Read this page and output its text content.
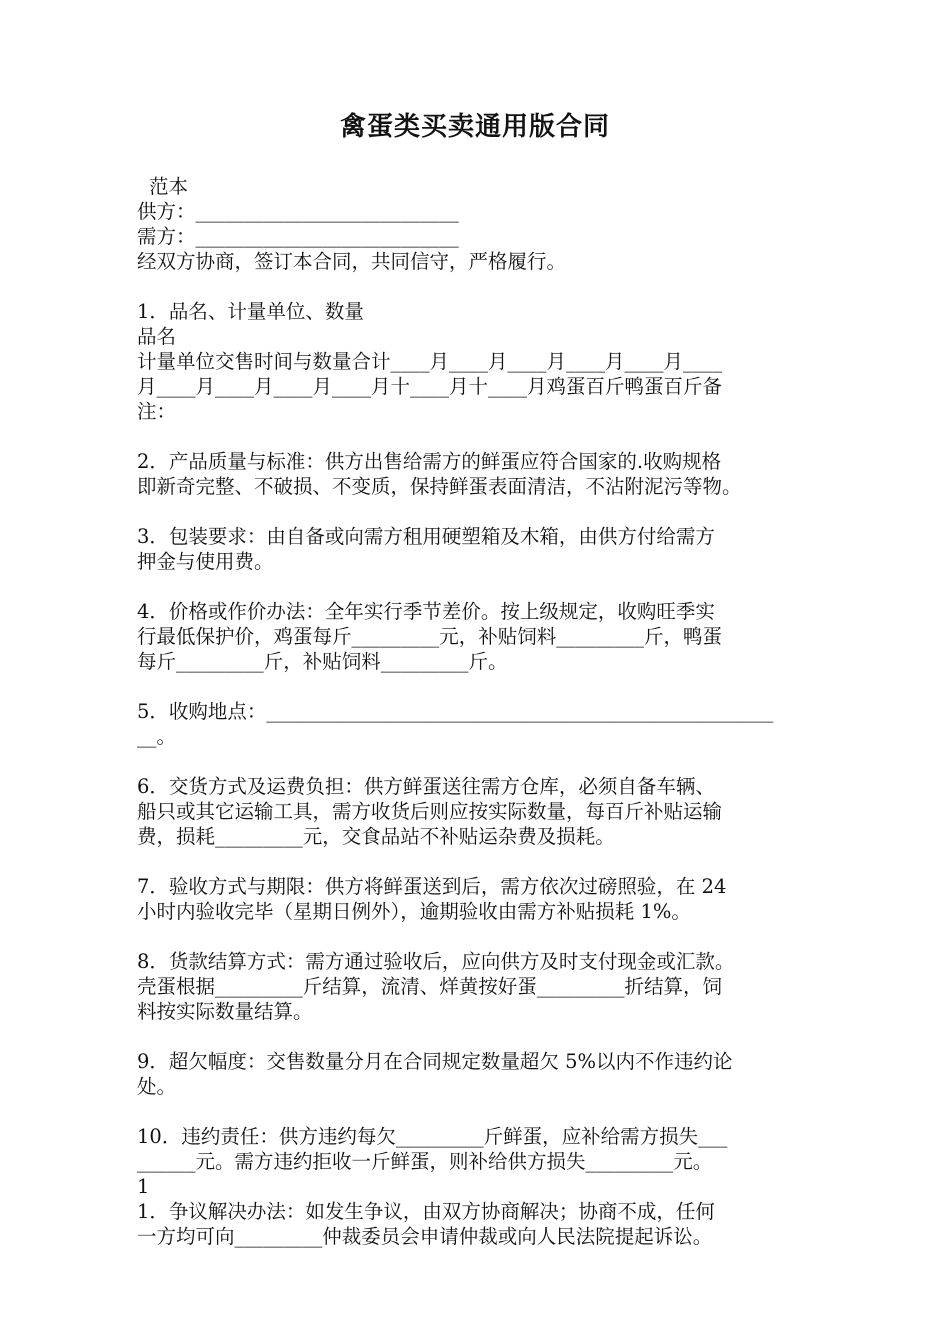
禽蛋类买卖通用版合同

范本

供方：___________________________

需方：___________________________

经双方协商，签订本合同，共同信守，严格履行。

1．品名、计量单位、数量

品名

计量单位交售时间与数量合计____月____月____月____月____月____

月____月____月____月____月十____月十____月鸡蛋百斤鸭蛋百斤备

注：

2．产品质量与标准：供方出售给需方的鲜蛋应符合国家的.收购规格

即新奇完整、不破损、不变质，保持鲜蛋表面清洁，不沾附泥污等物。

3．包装要求：由自备或向需方租用硬塑箱及木箱，由供方付给需方

押金与使用费。

4．价格或作价办法：全年实行季节差价。按上级规定，收购旺季实

行最低保护价，鸡蛋每斤_________元，补贴饲料_________斤，鸭蛋

每斤_________斤，补贴饲料_________斤。

5．收购地点：____________________________________________________

__。

6．交货方式及运费负担：供方鲜蛋送往需方仓库，必须自备车辆、

船只或其它运输工具，需方收货后则应按实际数量，每百斤补贴运输

费，损耗_________元，交食品站不补贴运杂费及损耗。

7．验收方式与期限：供方将鲜蛋送到后，需方依次过磅照验，在 24

小时内验收完毕（星期日例外），逾期验收由需方补贴损耗 1%。

8．货款结算方式：需方通过验收后，应向供方及时支付现金或汇款。

壳蛋根据_________斤结算，流清、烊黄按好蛋_________折结算，饲

料按实际数量结算。

9．超欠幅度：交售数量分月在合同规定数量超欠 5%以内不作违约论

处。

10．违约责任：供方违约每欠_________斤鲜蛋，应补给需方损失___

______元。需方违约拒收一斤鲜蛋，则补给供方损失_________元。

1

1．争议解决办法：如发生争议，由双方协商解决；协商不成，任何

一方均可向_________仲裁委员会申请仲裁或向人民法院提起诉讼。
